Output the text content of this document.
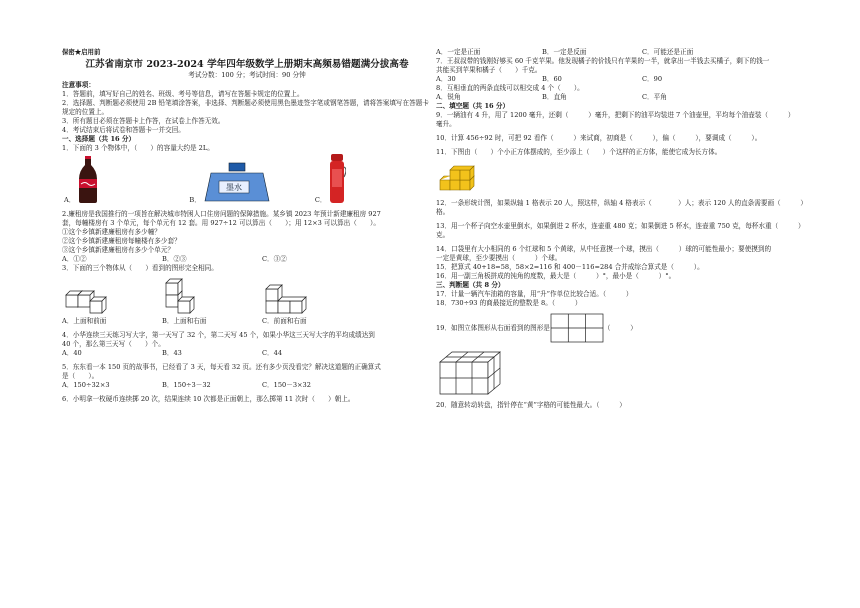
保密★启用前
江苏省南京市 2023-2024 学年四年级数学上册期末高频易错题满分拔高卷
考试分数：100 分；考试时间：90 分钟
注意事项：
1．答题前，填写好自己的姓名、班级、考号等信息，请写在答题卡规定的位置上。
2．选择题、判断题必须使用 2B 铅笔填涂答案，非选择、判断题必须使用黑色墨迹签字笔或钢笔答题，请将答案填写在答题卡规定的位置上。
3．所有题目必须在答题卡上作答，在试卷上作答无效。
4．考试结束后将试卷和答题卡一并交回。
一、选择题（共 16 分）
1．下面的 3 个物体中，（　　）的容量大约是 2L。
A．	B．
墨水
C．
2.廉租房是我国推行的一项旨在解决城市特困人口住房问题的保障措施。某乡镇 2023 年预计新建廉租房 927
套，每幢楼房有 3 个单元，每个单元有 12 套。用 927÷12 可以算出（　　）；用 12×3 可以算出（　　）。
①这个乡镇新建廉租房有多少幢？
②这个乡镇新建廉租房每幢楼有多少套？
③这个乡镇新建廉租房有多少个单元？
A．①②	B．②③	C．③②
3．下面的三个物体从（　　）看到的图形完全相同。
A．上面和前面	B．上面和右面	C．前面和右面
4．小华连续三天练习写大字，第一天写了 32 个，第二天写 45 个，如果小华这三天写大字的平均成绩达到
40 个，那么第三天写（　　）个。
A．40	B．43	C．44
5．东东看一本 150 页的故事书，已经看了 3 天，每天看 32 页。还有多少页没看完？解决这道题的正确算式
是（　　）。
A．150÷32×3	B．150÷3－32	C．150－3×32
6．小明拿一枚硬币连续掷 20 次，结果连续 10 次都是正面朝上，那么掷第 11 次时（　　）朝上。
A．一定是正面	B．一定是反面	C．可能还是正面
7．王叔叔带的钱刚好够买 60 千克苹果。他发现橘子的价钱只有苹果的一半，就拿出一半钱去买橘子，剩下的钱一
共能买到苹果和橘子（　　）千克。
A．30	B．60	C．90
8．互相垂直的两条直线可以相交成 4 个（　　）。
A．锐角	B．直角	C．平角
二、填空题（共 16 分）
9．一辆油有 4 升，用了 1200 毫升，还剩（　　　）毫升，把剩下的油平均装进 7 个油壶里，平均每个油壶装（　　　）
毫升。
10．计算 456÷92 时，可把 92 看作（　　　）来试商，初商是（　　　），偏（　　　），要调成（　　　）。
11．下图由（　　）个小正方体摆成的，至少添上（　　）个这样的正方体，能使它成为长方体。
12．一条形统计图，如果纵轴 1 格表示 20 人，照这样，纵轴 4 格表示（　　　　）人；表示 120 人的直条需要画（　　　）
格。
13．用一个杯子向空水壶里倒水，如果倒进 2 杯水，连壶重 480 克；如果倒进 5 杯水，连壶重 750 克，每杯水重（　　　）
克。
14．口袋里有大小相同的 6 个红球和 5 个黄球，从中任意摸一个球，摸出（　　　）球的可能性最小；要使摸到的
一定是黄球，至少要摸出（　　　）个球。
15．把算式 40+18=58，58×2=116 和 400－116=284 合并成综合算式是（　　　）。
16．用一副三角板拼成的钝角的度数，最大是（　　　）°，最小是（　　　）°。
三、判断题（共 8 分）
17．计量一辆汽车油箱的容量，用“升”作单位比较合适。（　　　）
18．730÷93 的商最接近的整数是 8。（　　　）
19．如图立体图形从右面看到的图形是	（　　　）
20．随意转动转盘，指针停在“黄”字格的可能性最大。（　　　）
